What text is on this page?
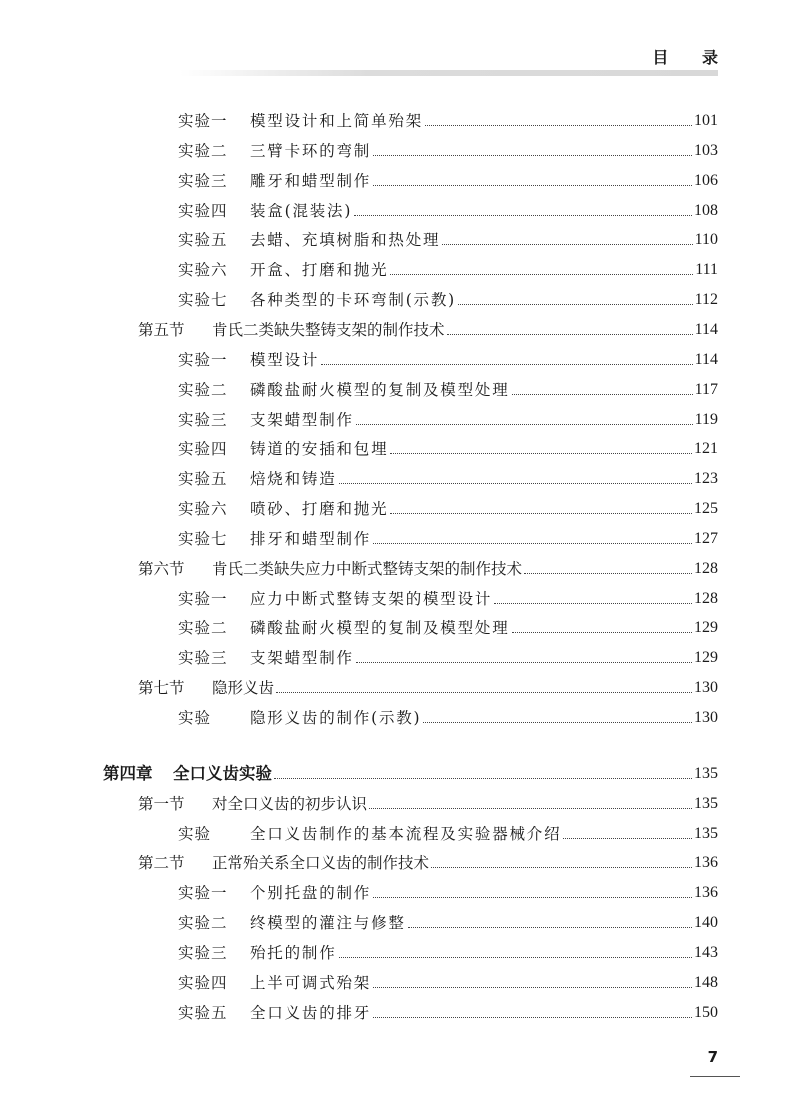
目 录
实验一	模型设计和上简单殆架	101
实验二	三臂卡环的弯制	103
实验三	雕牙和蜡型制作	106
实验四	装盒(混装法)	108
实验五	去蜡、充填树脂和热处理	110
实验六	开盒、打磨和抛光	111
实验七	各种类型的卡环弯制(示教)	112
第五节	肯氏二类缺失整铸支架的制作技术	114
实验一	模型设计	114
实验二	磷酸盐耐火模型的复制及模型处理	117
实验三	支架蜡型制作	119
实验四	铸道的安插和包埋	121
实验五	焙烧和铸造	123
实验六	喷砂、打磨和抛光	125
实验七	排牙和蜡型制作	127
第六节	肯氏二类缺失应力中断式整铸支架的制作技术	128
实验一	应力中断式整铸支架的模型设计	128
实验二	磷酸盐耐火模型的复制及模型处理	129
实验三	支架蜡型制作	129
第七节	隐形义齿	130
实验	隐形义齿的制作(示教)	130
第四章	全口义齿实验	135
第一节	对全口义齿的初步认识	135
实验	全口义齿制作的基本流程及实验器械介绍	135
第二节	正常殆关系全口义齿的制作技术	136
实验一	个别托盘的制作	136
实验二	终模型的灌注与修整	140
实验三	殆托的制作	143
实验四	上半可调式殆架	148
实验五	全口义齿的排牙	150
7
